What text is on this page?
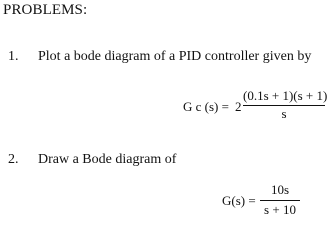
PROBLEMS:
1. Plot a bode diagram of a PID controller given by
G c (s) = 2
(0.1s + 1)(s + 1)
s
2. Draw a Bode diagram of
G(s) =
10s
s + 10
